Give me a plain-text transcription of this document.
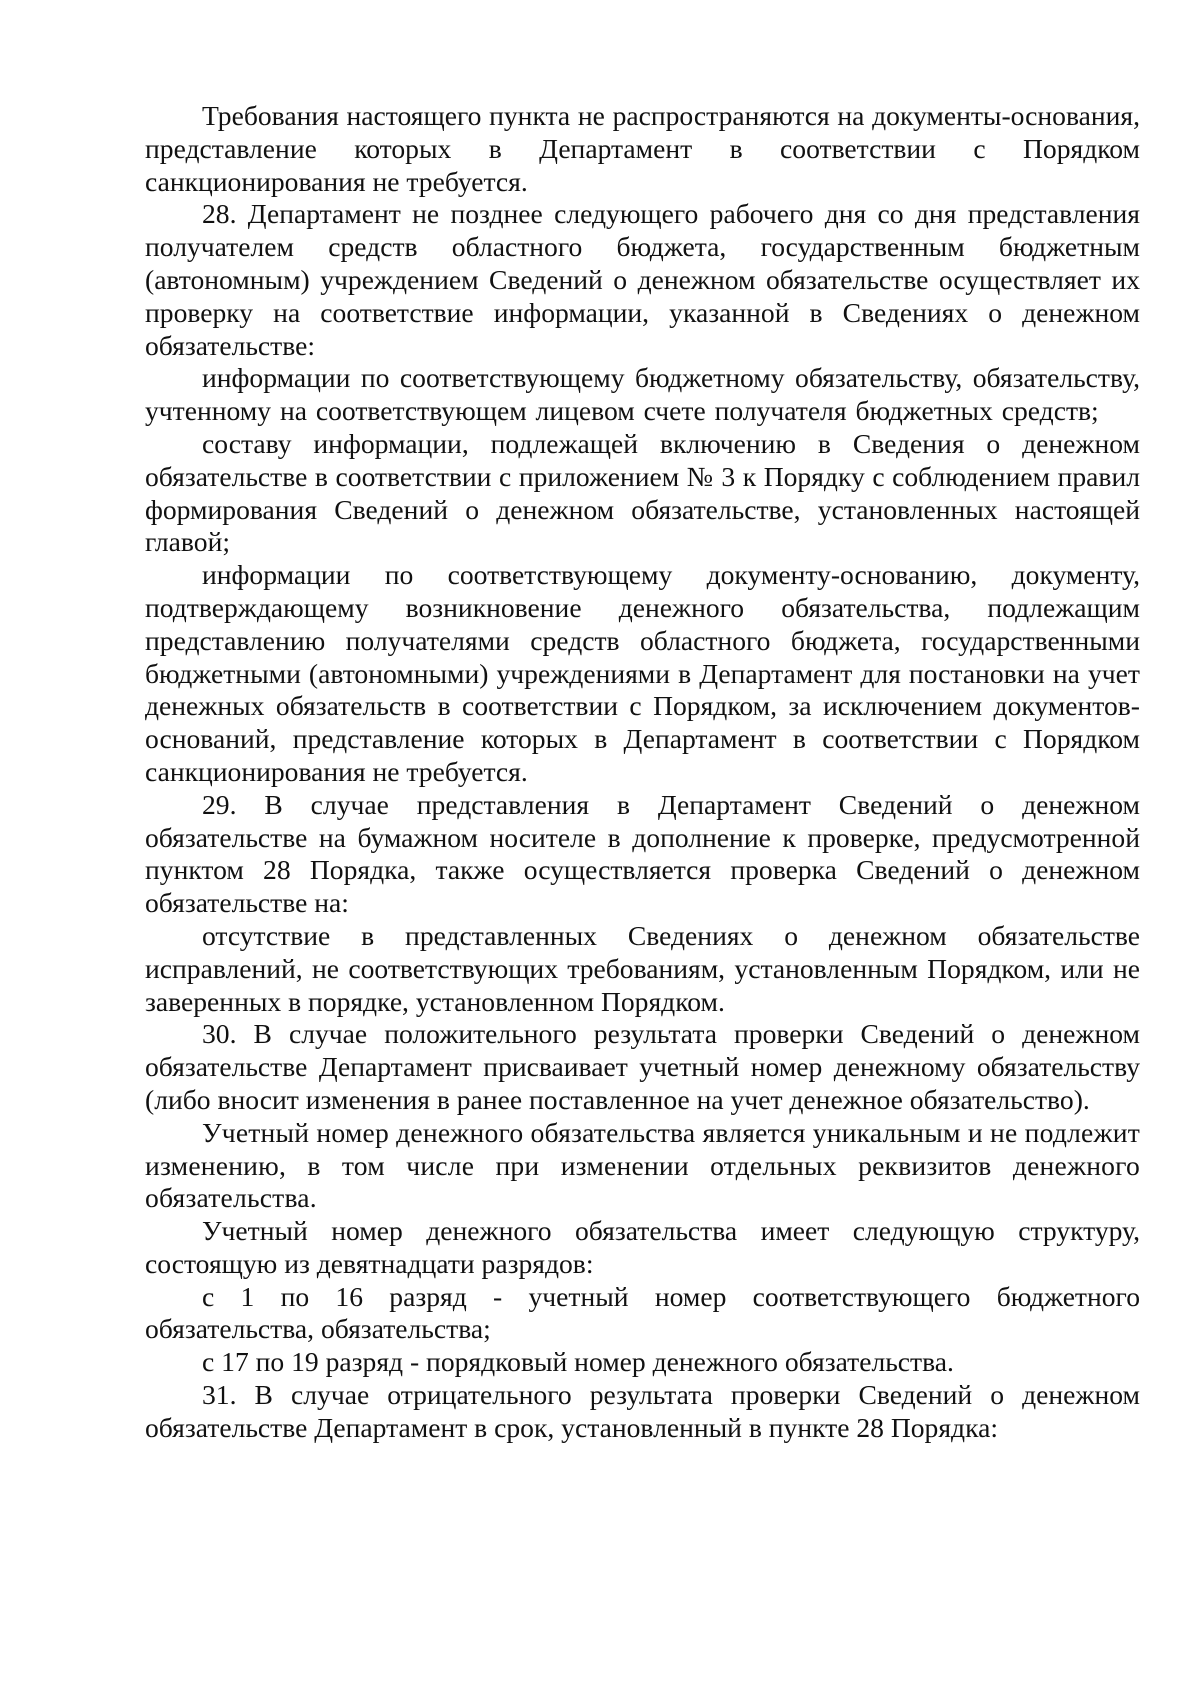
Требования настоящего пункта не распространяются на документы-основания, представление которых в Департамент в соответствии с Порядком санкционирования не требуется.

28. Департамент не позднее следующего рабочего дня со дня представления получателем средств областного бюджета, государственным бюджетным (автономным) учреждением Сведений о денежном обязательстве осуществляет их проверку на соответствие информации, указанной в Сведениях о денежном обязательстве:

информации по соответствующему бюджетному обязательству, обязательству, учтенному на соответствующем лицевом счете получателя бюджетных средств;

составу информации, подлежащей включению в Сведения о денежном обязательстве в соответствии с приложением № 3 к Порядку с соблюдением правил формирования Сведений о денежном обязательстве, установленных настоящей главой;

информации по соответствующему документу-основанию, документу, подтверждающему возникновение денежного обязательства, подлежащим представлению получателями средств областного бюджета, государственными бюджетными (автономными) учреждениями в Департамент для постановки на учет денежных обязательств в соответствии с Порядком, за исключением документов-оснований, представление которых в Департамент в соответствии с Порядком санкционирования не требуется.

29. В случае представления в Департамент Сведений о денежном обязательстве на бумажном носителе в дополнение к проверке, предусмотренной пунктом 28 Порядка, также осуществляется проверка Сведений о денежном обязательстве на:

отсутствие в представленных Сведениях о денежном обязательстве исправлений, не соответствующих требованиям, установленным Порядком, или не заверенных в порядке, установленном Порядком.

30. В случае положительного результата проверки Сведений о денежном обязательстве Департамент присваивает учетный номер денежному обязательству (либо вносит изменения в ранее поставленное на учет денежное обязательство).

Учетный номер денежного обязательства является уникальным и не подлежит изменению, в том числе при изменении отдельных реквизитов денежного обязательства.

Учетный номер денежного обязательства имеет следующую структуру, состоящую из девятнадцати разрядов:

с 1 по 16 разряд - учетный номер соответствующего бюджетного обязательства, обязательства;

с 17 по 19 разряд - порядковый номер денежного обязательства.

31. В случае отрицательного результата проверки Сведений о денежном обязательстве Департамент в срок, установленный в пункте 28 Порядка:
